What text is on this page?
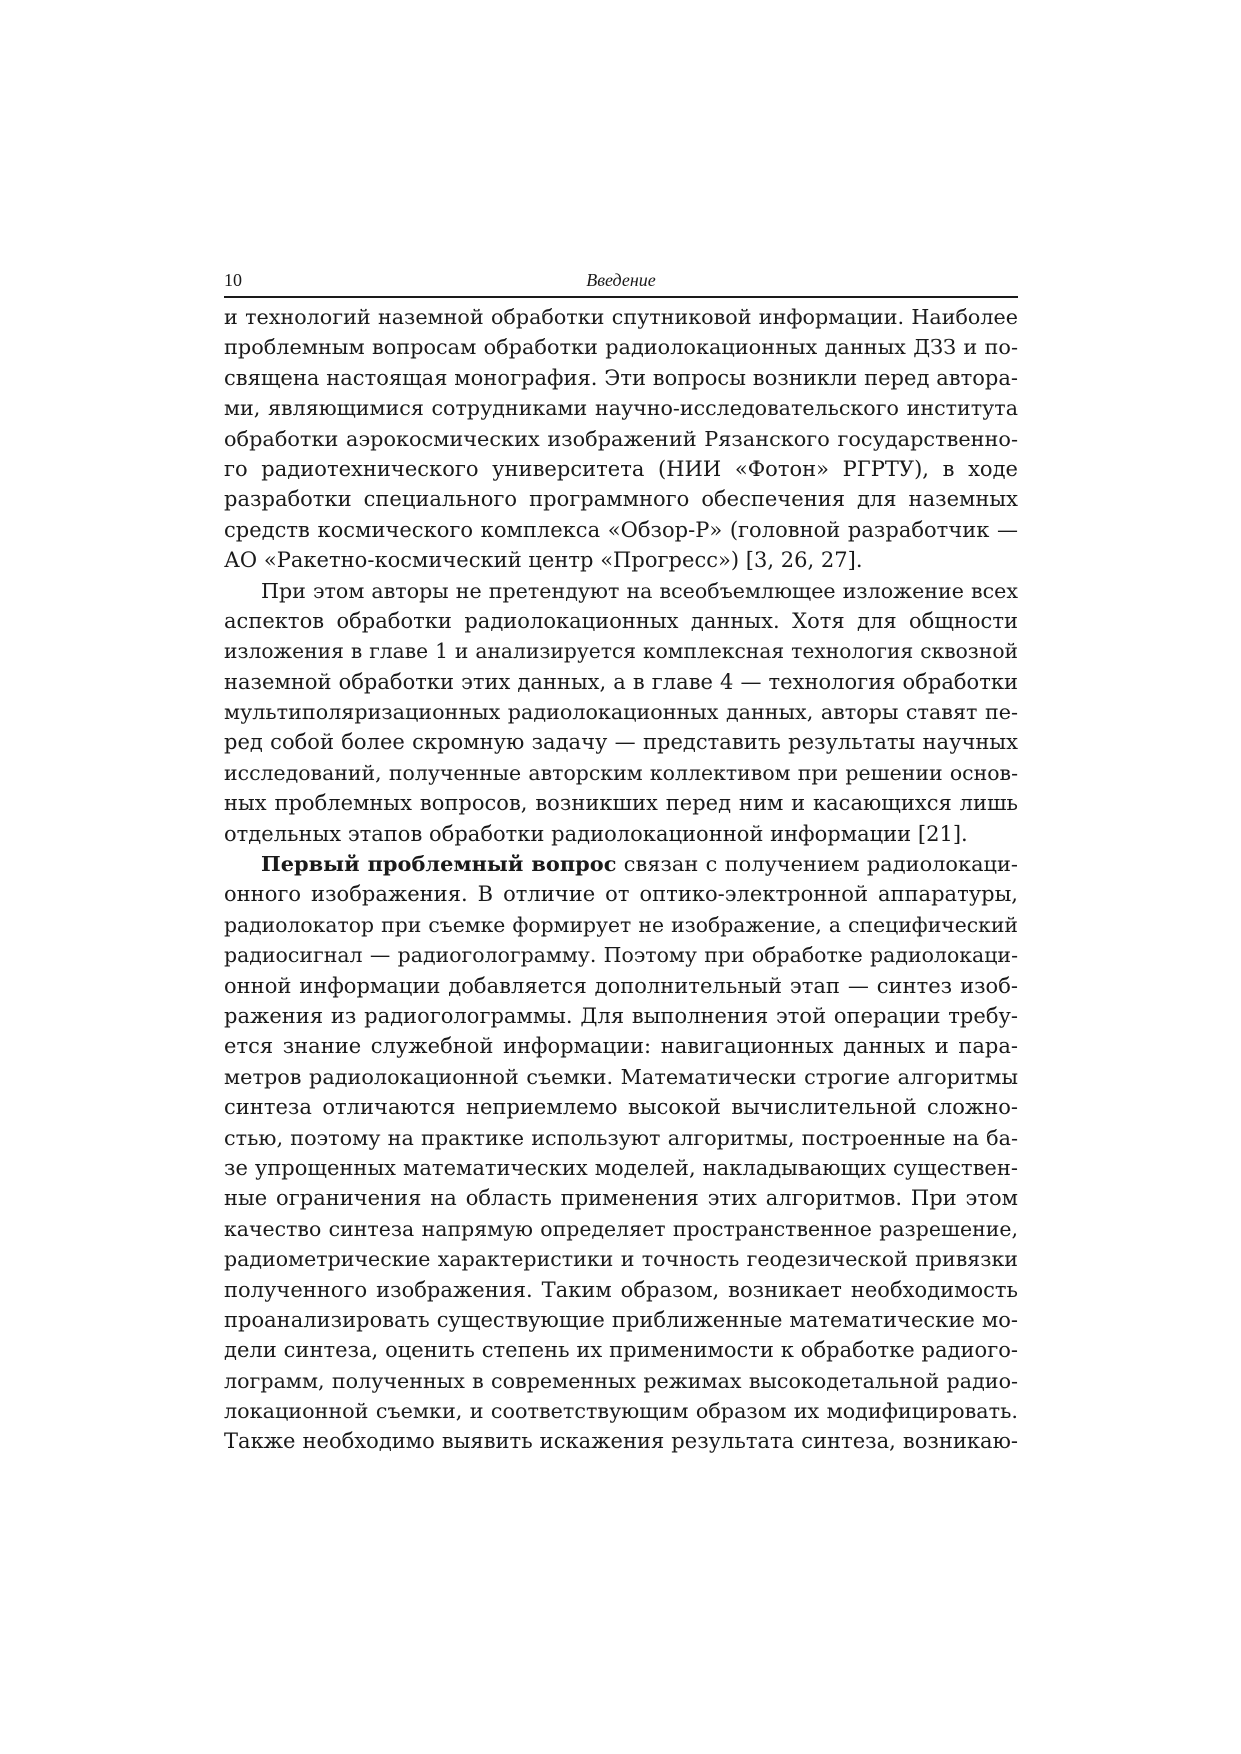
10	Введение
и технологий наземной обработки спутниковой информации. Наиболее
проблемным вопросам обработки радиолокационных данных ДЗЗ и по-
священа настоящая монография. Эти вопросы возникли перед автора-
ми, являющимися сотрудниками научно-исследовательского института
обработки аэрокосмических изображений Рязанского государственно-
го радиотехнического университета (НИИ «Фотон» РГРТУ), в ходе
разработки специального программного обеспечения для наземных
средств космического комплекса «Обзор-Р» (головной разработчик —
АО «Ракетно-космический центр «Прогресс») [3, 26, 27].
При этом авторы не претендуют на всеобъемлющее изложение всех
аспектов обработки радиолокационных данных. Хотя для общности
изложения в главе 1 и анализируется комплексная технология сквозной
наземной обработки этих данных, а в главе 4 — технология обработки
мультиполяризационных радиолокационных данных, авторы ставят пе-
ред собой более скромную задачу — представить результаты научных
исследований, полученные авторским коллективом при решении основ-
ных проблемных вопросов, возникших перед ним и касающихся лишь
отдельных этапов обработки радиолокационной информации [21].
Первый проблемный вопрос связан с получением радиолокаци-
онного изображения. В отличие от оптико-электронной аппаратуры,
радиолокатор при съемке формирует не изображение, а специфический
радиосигнал — радиоголограмму. Поэтому при обработке радиолокаци-
онной информации добавляется дополнительный этап — синтез изоб-
ражения из радиоголограммы. Для выполнения этой операции требу-
ется знание служебной информации: навигационных данных и пара-
метров радиолокационной съемки. Математически строгие алгоритмы
синтеза отличаются неприемлемо высокой вычислительной сложно-
стью, поэтому на практике используют алгоритмы, построенные на ба-
зе упрощенных математических моделей, накладывающих существен-
ные ограничения на область применения этих алгоритмов. При этом
качество синтеза напрямую определяет пространственное разрешение,
радиометрические характеристики и точность геодезической привязки
полученного изображения. Таким образом, возникает необходимость
проанализировать существующие приближенные математические мо-
дели синтеза, оценить степень их применимости к обработке радиого-
лограмм, полученных в современных режимах высокодетальной радио-
локационной съемки, и соответствующим образом их модифицировать.
Также необходимо выявить искажения результата синтеза, возникаю-
